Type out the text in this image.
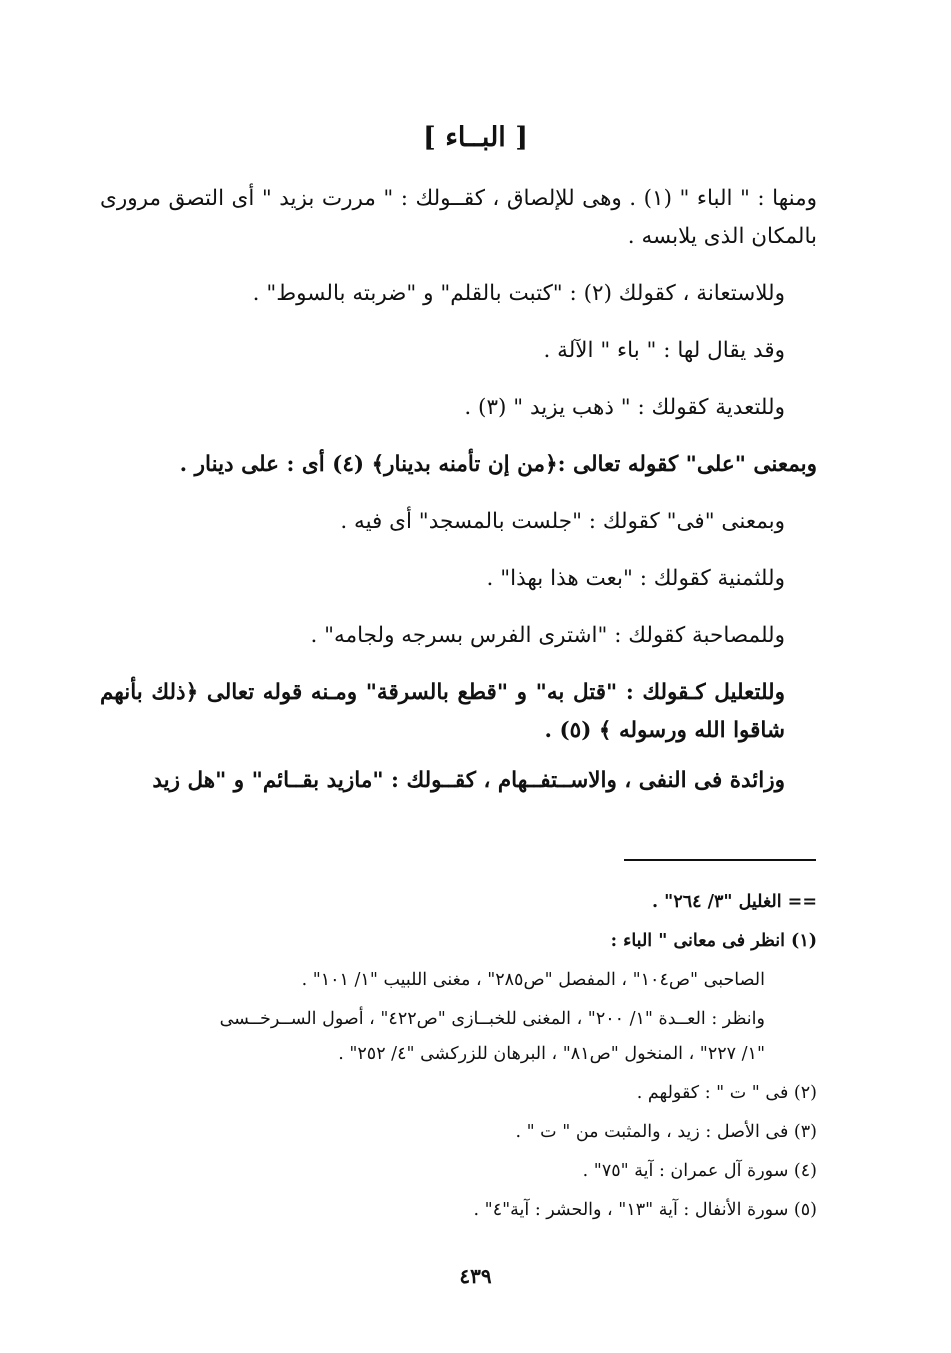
[ البــاء ]

ومنها : " الباء " (١) . وهى للإلصاق ، كقــولك : " مررت بزيد " أى التصق مرورى بالمكان الذى يلابسه .

وللاستعانة ، كقولك (٢) : "كتبت بالقلم" و "ضربته بالسوط" .

وقد يقال لها : " باء " الآلة .

وللتعدية كقولك : " ذهب يزيد " (٣) .

وبمعنى "على" كقوله تعالى :﴿من إن تأمنه بدينار﴾ (٤) أى : على دينار .

وبمعنى "فى" كقولك : "جلست بالمسجد" أى فيه .

وللثمنية كقولك : "بعت هذا بهذا" .

وللمصاحبة كقولك : "اشترى الفرس بسرجه ولجامه" .

وللتعليل كـقولك : "قتل به" و "قطع بالسرقة" ومـنه قوله تعالى ﴿ذلك بأنهم شاقوا الله ورسوله ﴾ (٥) .

وزائدة فى النفى ، والاســتفــهام ، كقــولك : "مازيد بقــائم" و "هل زيد

== الغليل "٣/ ٢٦٤" .
(١) انظر فى معانى " الباء :
الصاحبى "ص١٠٤" ، المفصل "ص٢٨٥" ، مغنى اللبيب "١/ ١٠١" .
وانظر : العــدة "١/ ٢٠٠" ، المغنى للخبــازى "ص٤٢٢" ، أصول الســرخــسى
"١/ ٢٢٧" ، المنخول "ص٨١" ، البرهان للزركشى "٤/ ٢٥٢" .
(٢) فى " ت " : كقولهم .
(٣) فى الأصل : زيد ، والمثبت من " ت " .
(٤) سورة آل عمران : آية "٧٥" .
(٥) سورة الأنفال : آية "١٣" ، والحشر : آية"٤" .
٤٣٩
